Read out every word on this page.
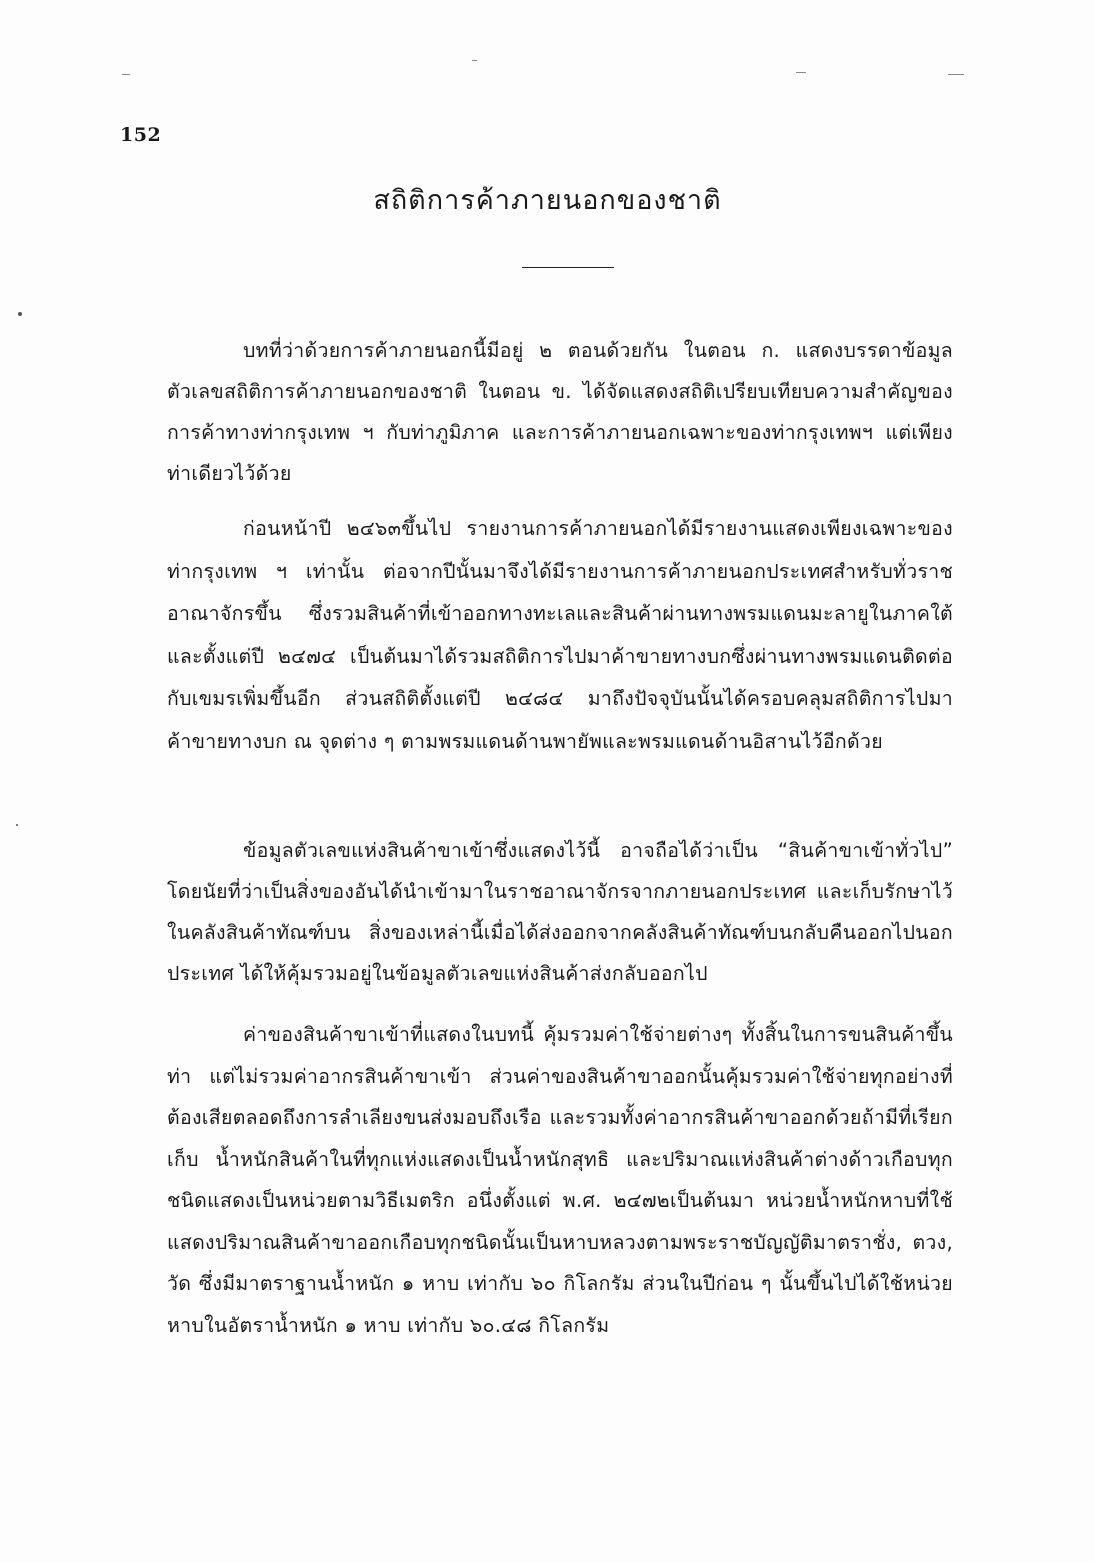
152
สถิติการค้าภายนอกของชาติ

บทที่ว่าด้วยการค้าภายนอกนี้มีอยู่ ๒ ตอนด้วยกัน ในตอน ก. แสดงบรรดาข้อมูลตัวเลขสถิติการค้าภายนอกของชาติ ในตอน ข. ได้จัดแสดงสถิติเปรียบเทียบความสำคัญของการค้าทางท่ากรุงเทพ ฯ กับท่าภูมิภาค และการค้าภายนอกเฉพาะของท่ากรุงเทพฯ แต่เพียงท่าเดียวไว้ด้วย

ก่อนหน้าปี ๒๔๖๓ขึ้นไป รายงานการค้าภายนอกได้มีรายงานแสดงเพียงเฉพาะของท่ากรุงเทพ ฯ เท่านั้น ต่อจากปีนั้นมาจึงได้มีรายงานการค้าภายนอกประเทศสำหรับทั่วราชอาณาจักรขึ้น ซึ่งรวมสินค้าที่เข้าออกทางทะเลและสินค้าผ่านทางพรมแดนมะลายูในภาคใต้ และตั้งแต่ปี ๒๔๗๔ เป็นต้นมาได้รวมสถิติการไปมาค้าขายทางบกซึ่งผ่านทางพรมแดนติดต่อกับเขมรเพิ่มขึ้นอีก ส่วนสถิติตั้งแต่ปี ๒๔๘๔ มาถึงปัจจุบันนั้นได้ครอบคลุมสถิติการไปมาค้าขายทางบก ณ จุดต่าง ๆ ตามพรมแดนด้านพายัพและพรมแดนด้านอิสานไว้อีกด้วย

ข้อมูลตัวเลขแห่งสินค้าขาเข้าซึ่งแสดงไว้นี้ อาจถือได้ว่าเป็น “สินค้าขาเข้าทั่วไป” โดยนัยที่ว่าเป็นสิ่งของอันได้นำเข้ามาในราชอาณาจักรจากภายนอกประเทศ และเก็บรักษาไว้ในคลังสินค้าทัณฑ์บน สิ่งของเหล่านี้เมื่อได้ส่งออกจากคลังสินค้าทัณฑ์บนกลับคืนออกไปนอกประเทศ ได้ให้คุ้มรวมอยู่ในข้อมูลตัวเลขแห่งสินค้าส่งกลับออกไป

ค่าของสินค้าขาเข้าที่แสดงในบทนี้ คุ้มรวมค่าใช้จ่ายต่างๆ ทั้งสิ้นในการขนสินค้าขึ้นท่า แต่ไม่รวมค่าอากรสินค้าขาเข้า ส่วนค่าของสินค้าขาออกนั้นคุ้มรวมค่าใช้จ่ายทุกอย่างที่ต้องเสียตลอดถึงการลำเลียงขนส่งมอบถึงเรือ และรวมทั้งค่าอากรสินค้าขาออกด้วยถ้ามีที่เรียกเก็บ น้ำหนักสินค้าในที่ทุกแห่งแสดงเป็นน้ำหนักสุทธิ และปริมาณแห่งสินค้าต่างด้าวเกือบทุกชนิดแสดงเป็นหน่วยตามวิธีเมตริก อนึ่งตั้งแต่ พ.ศ. ๒๔๗๒เป็นต้นมา หน่วยน้ำหนักหาบที่ใช้แสดงปริมาณสินค้าขาออกเกือบทุกชนิดนั้นเป็นหาบหลวงตามพระราชบัญญัติมาตราชั่ง, ตวง, วัด ซึ่งมีมาตราฐานน้ำหนัก ๑ หาบ เท่ากับ ๖๐ กิโลกรัม ส่วนในปีก่อน ๆ นั้นขึ้นไปได้ใช้หน่วยหาบในอัตราน้ำหนัก ๑ หาบ เท่ากับ ๖๐.๔๘ กิโลกรัม
